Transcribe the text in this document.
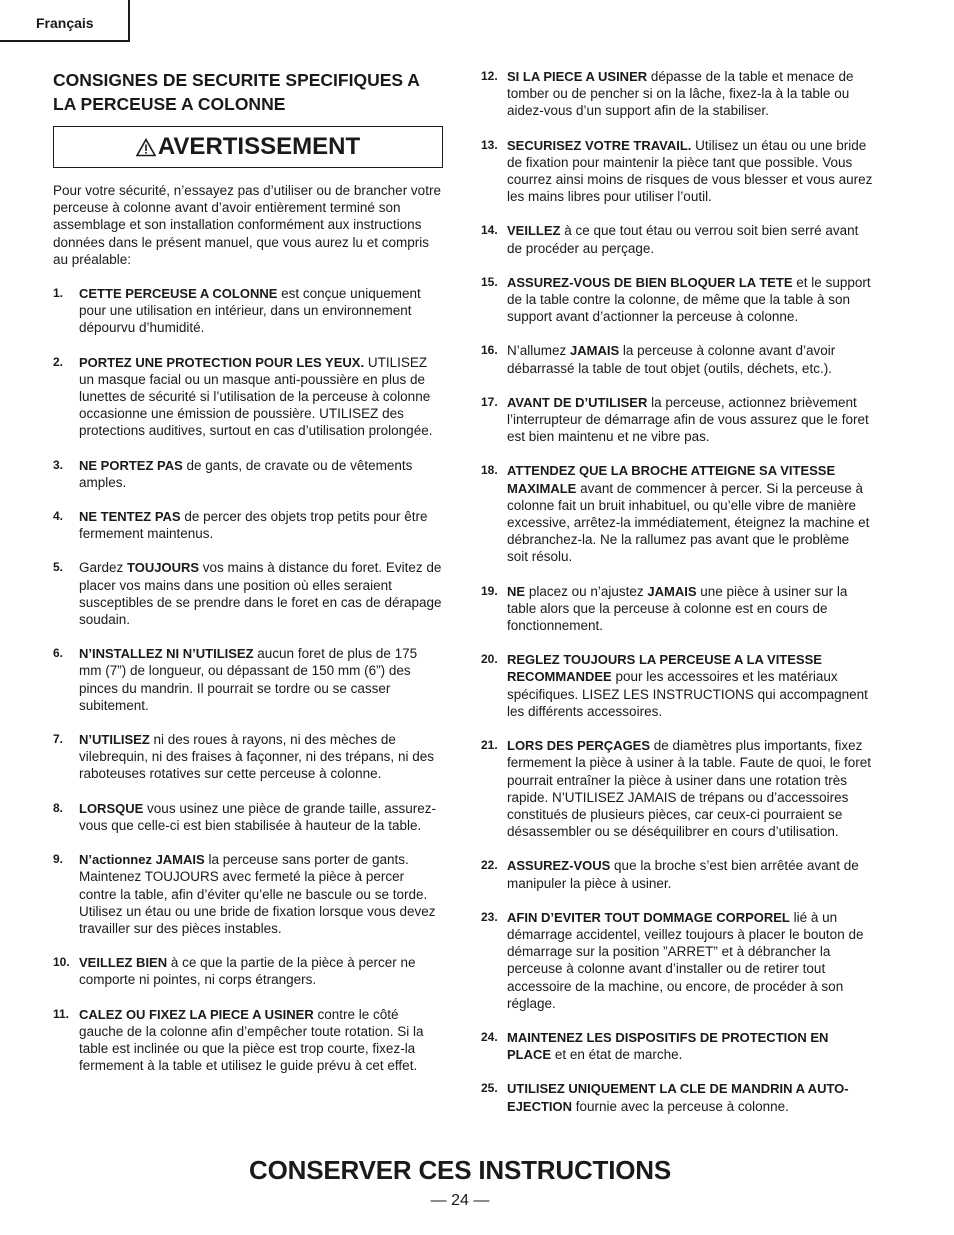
Français
CONSIGNES DE SECURITE SPECIFIQUES A LA PERCEUSE A COLONNE
AVERTISSEMENT
Pour votre sécurité, n’essayez pas d’utiliser ou de brancher votre perceuse à colonne avant d’avoir entièrement terminé son assemblage et son installation conformément aux instructions données dans le présent manuel, que vous aurez lu et compris au préalable:
1.	CETTE PERCEUSE A COLONNE est conçue uniquement pour une utilisation en intérieur, dans un environnement dépourvu d’humidité.
2.	PORTEZ UNE PROTECTION POUR LES YEUX. UTILISEZ un masque facial ou un masque anti-poussière en plus de lunettes de sécurité si l’utilisation de la perceuse à colonne occasionne une émission de poussière. UTILISEZ des protections auditives, surtout en cas d’utilisation prolongée.
3.	NE PORTEZ PAS de gants, de cravate ou de vêtements amples.
4.	NE TENTEZ PAS de percer des objets trop petits pour être fermement maintenus.
5.	Gardez TOUJOURS vos mains à distance du foret. Evitez de placer vos mains dans une position où elles seraient susceptibles de se prendre dans le foret en cas de dérapage soudain.
6.	N’INSTALLEZ NI N’UTILISEZ aucun foret de plus de 175 mm (7”) de longueur, ou dépassant de 150 mm (6”) des pinces du mandrin. Il pourrait se tordre ou se casser subitement.
7.	N’UTILISEZ ni des roues à rayons, ni des mèches de vilebrequin, ni des fraises à façonner, ni des trépans, ni des raboteuses rotatives sur cette perceuse à colonne.
8.	LORSQUE vous usinez une pièce de grande taille, assurez-vous que celle-ci est bien stabilisée à hauteur de la table.
9.	N’actionnez JAMAIS la perceuse sans porter de gants. Maintenez TOUJOURS avec fermeté la pièce à percer contre la table, afin d’éviter qu’elle ne bascule ou se torde. Utilisez un étau ou une bride de fixation lorsque vous devez travailler sur des pièces instables.
10. VEILLEZ BIEN à ce que la partie de la pièce à percer ne comporte ni pointes, ni corps étrangers.
11. CALEZ OU FIXEZ LA PIECE A USINER contre le côté gauche de la colonne afin d’empêcher toute rotation. Si la table est inclinée ou que la pièce est trop courte, fixez-la fermement à la table et utilisez le guide prévu à cet effet.
12. SI LA PIECE A USINER dépasse de la table et menace de tomber ou de pencher si on la lâche, fixez-la à la table ou aidez-vous d’un support afin de la stabiliser.
13. SECURISEZ VOTRE TRAVAIL. Utilisez un étau ou une bride de fixation pour maintenir la pièce tant que possible. Vous courrez ainsi moins de risques de vous blesser et vous aurez les mains libres pour utiliser l’outil.
14. VEILLEZ à ce que tout étau ou verrou soit bien serré avant de procéder au perçage.
15. ASSUREZ-VOUS DE BIEN BLOQUER LA TETE et le support de la table contre la colonne, de même que la table à son support avant d’actionner la perceuse à colonne.
16. N’allumez JAMAIS la perceuse à colonne avant d’avoir débarrassé la table de tout objet (outils, déchets, etc.).
17. AVANT DE D’UTILISER la perceuse, actionnez brièvement l’interrupteur de démarrage afin de vous assurez que le foret est bien maintenu et ne vibre pas.
18. ATTENDEZ QUE LA BROCHE ATTEIGNE SA VITESSE MAXIMALE avant de commencer à percer. Si la perceuse à colonne fait un bruit inhabituel, ou qu’elle vibre de manière excessive, arrêtez-la immédiatement, éteignez la machine et débranchez-la. Ne la rallumez pas avant que le problème soit résolu.
19. NE placez ou n’ajustez JAMAIS une pièce à usiner sur la table alors que la perceuse à colonne est en cours de fonctionnement.
20. REGLEZ TOUJOURS LA PERCEUSE A LA VITESSE RECOMMANDEE pour les accessoires et les matériaux spécifiques. LISEZ LES INSTRUCTIONS qui accompagnent les différents accessoires.
21. LORS DES PERÇAGES de diamètres plus importants, fixez fermement la pièce à usiner à la table. Faute de quoi, le foret pourrait entraîner la pièce à usiner dans une rotation très rapide. N’UTILISEZ JAMAIS de trépans ou d’accessoires constitués de plusieurs pièces, car ceux-ci pourraient se désassembler ou se déséquilibrer en cours d’utilisation.
22. ASSUREZ-VOUS que la broche s’est bien arrêtée avant de manipuler la pièce à usiner.
23. AFIN D’EVITER TOUT DOMMAGE CORPOREL lié à un démarrage accidentel, veillez toujours à placer le bouton de démarrage sur la position ”ARRET” et à débrancher la perceuse à colonne avant d’installer ou de retirer tout accessoire de la machine, ou encore, de procéder à son réglage.
24. MAINTENEZ LES DISPOSITIFS DE PROTECTION EN PLACE et en état de marche.
25. UTILISEZ UNIQUEMENT LA CLE DE MANDRIN A AUTO-EJECTION fournie avec la perceuse à colonne.
CONSERVER CES INSTRUCTIONS
— 24 —
